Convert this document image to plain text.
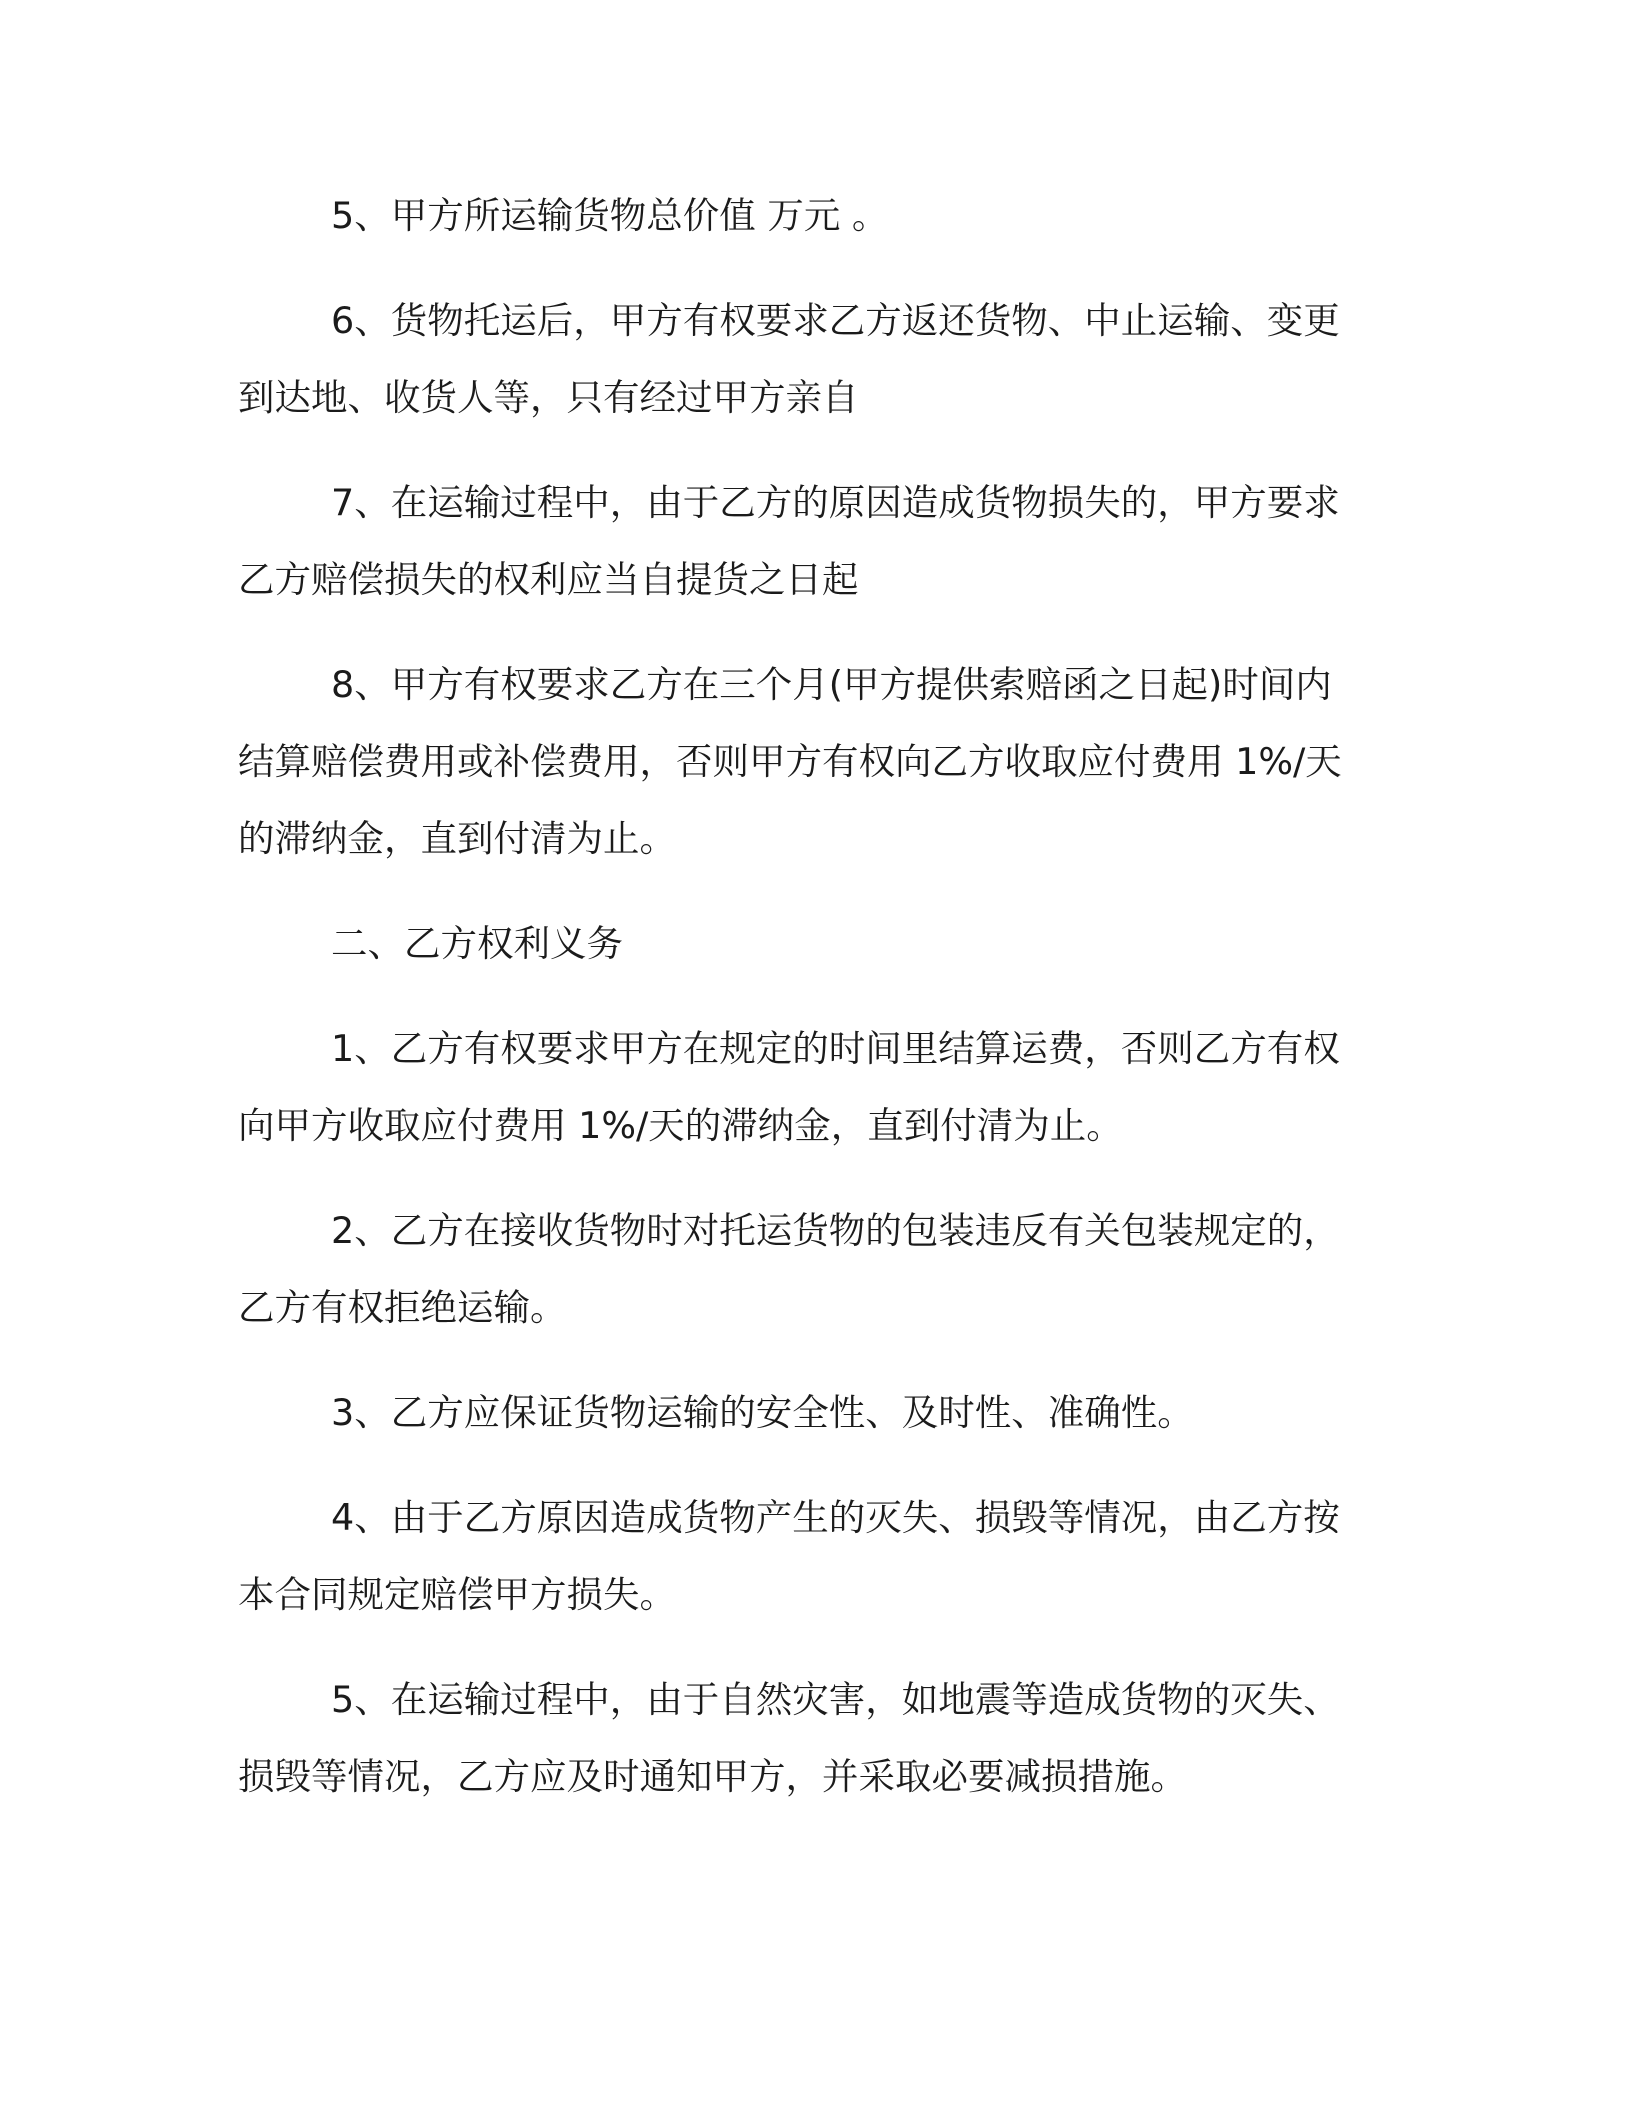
5、甲方所运输货物总价值 万元 。

6、货物托运后，甲方有权要求乙方返还货物、中止运输、变更
到达地、收货人等，只有经过甲方亲自

7、在运输过程中，由于乙方的原因造成货物损失的，甲方要求
乙方赔偿损失的权利应当自提货之日起

8、甲方有权要求乙方在三个月(甲方提供索赔函之日起)时间内
结算赔偿费用或补偿费用，否则甲方有权向乙方收取应付费用 1%/天
的滞纳金，直到付清为止。

二、乙方权利义务

1、乙方有权要求甲方在规定的时间里结算运费，否则乙方有权
向甲方收取应付费用 1%/天的滞纳金，直到付清为止。

2、乙方在接收货物时对托运货物的包装违反有关包装规定的，
乙方有权拒绝运输。

3、乙方应保证货物运输的安全性、及时性、准确性。

4、由于乙方原因造成货物产生的灭失、损毁等情况，由乙方按
本合同规定赔偿甲方损失。

5、在运输过程中，由于自然灾害，如地震等造成货物的灭失、
损毁等情况，乙方应及时通知甲方，并采取必要减损措施。
